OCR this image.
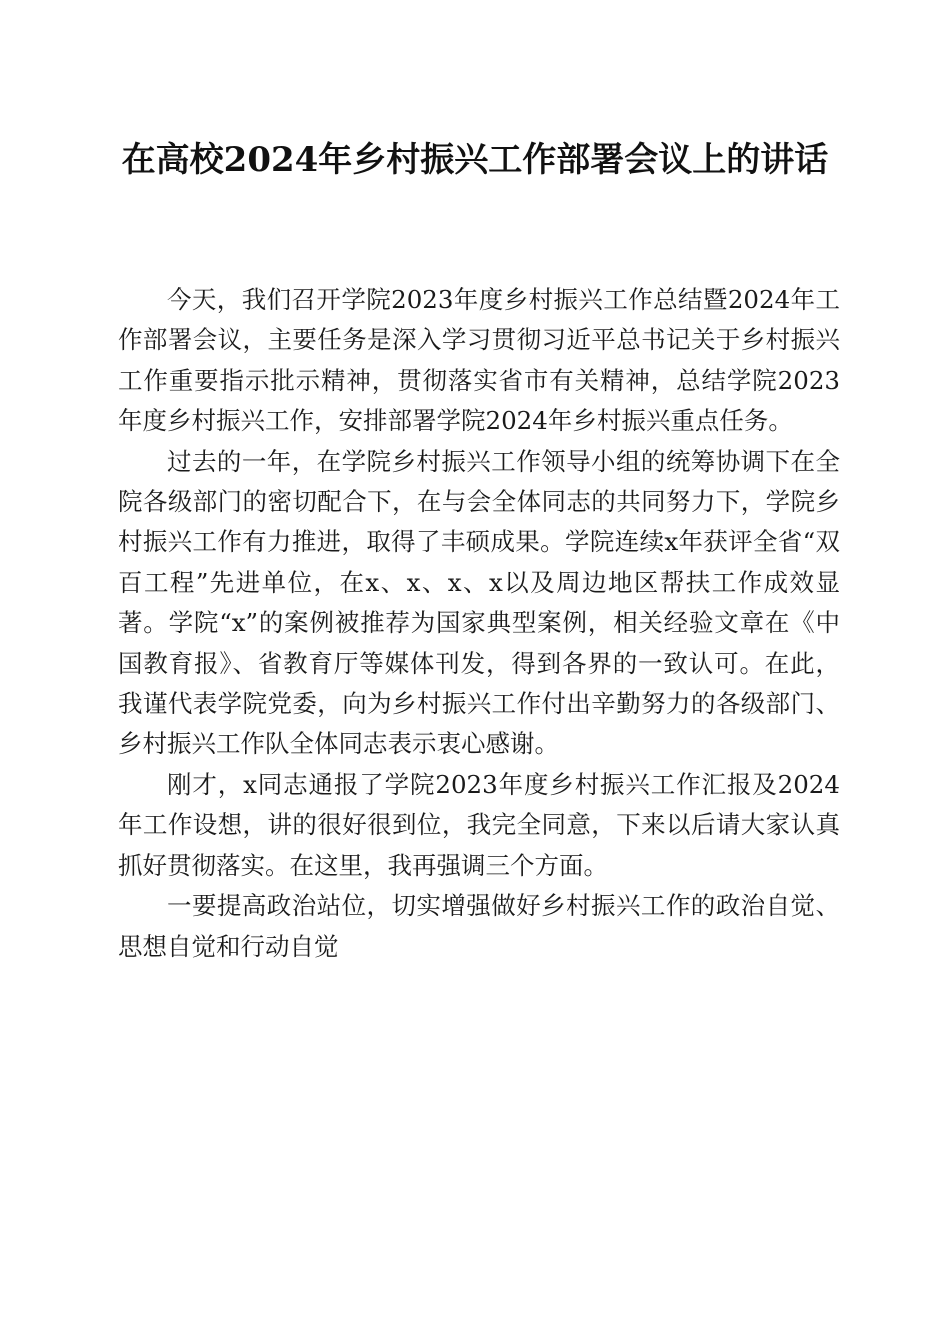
在高校2024年乡村振兴工作部署会议上的讲话

今天，我们召开学院2023年度乡村振兴工作总结暨2024年工作部署会议，主要任务是深入学习贯彻习近平总书记关于乡村振兴工作重要指示批示精神，贯彻落实省市有关精神，总结学院2023年度乡村振兴工作，安排部署学院2024年乡村振兴重点任务。

过去的一年，在学院乡村振兴工作领导小组的统筹协调下在全院各级部门的密切配合下，在与会全体同志的共同努力下，学院乡村振兴工作有力推进，取得了丰硕成果。学院连续x年获评全省“双百工程”先进单位，在x、x、x、x以及周边地区帮扶工作成效显著。学院“x”的案例被推荐为国家典型案例，相关经验文章在《中国教育报》、省教育厅等媒体刊发，得到各界的一致认可。在此，我谨代表学院党委，向为乡村振兴工作付出辛勤努力的各级部门、乡村振兴工作队全体同志表示衷心感谢。

刚才，x同志通报了学院2023年度乡村振兴工作汇报及2024年工作设想，讲的很好很到位，我完全同意，下来以后请大家认真抓好贯彻落实。在这里，我再强调三个方面。

一要提高政治站位，切实增强做好乡村振兴工作的政治自觉、思想自觉和行动自觉
